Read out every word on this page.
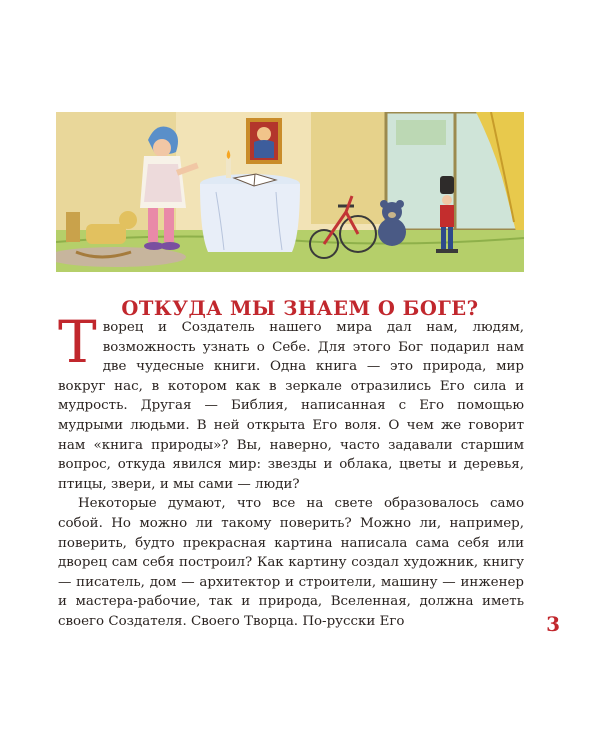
ОТКУДА МЫ ЗНАЕМ О БОГЕ?

Творец и Создатель нашего мира дал нам, людям, возможность узнать о Себе. Для этого Бог подарил нам две чудесные книги. Одна книга — это природа, мир вокруг нас, в котором как в зеркале отразились Его сила и мудрость. Другая — Библия, написанная с Его помощью мудрыми людьми. В ней открыта Его воля. О чем же говорит нам «книга природы»? Вы, наверно, часто задавали старшим вопрос, откуда явился мир: звезды и облака, цветы и деревья, птицы, звери, и мы сами — люди?

Некоторые думают, что все на свете образовалось само собой. Но можно ли такому поверить? Можно ли, например, поверить, будто прекрасная картина написала сама себя или дворец сам себя построил? Как картину создал художник, книгу — писатель, дом — архитектор и строители, машину — инженер и мастера-рабочие, так и природа, Вселенная, должна иметь своего Создателя. Своего Творца. По-русски Его	3
